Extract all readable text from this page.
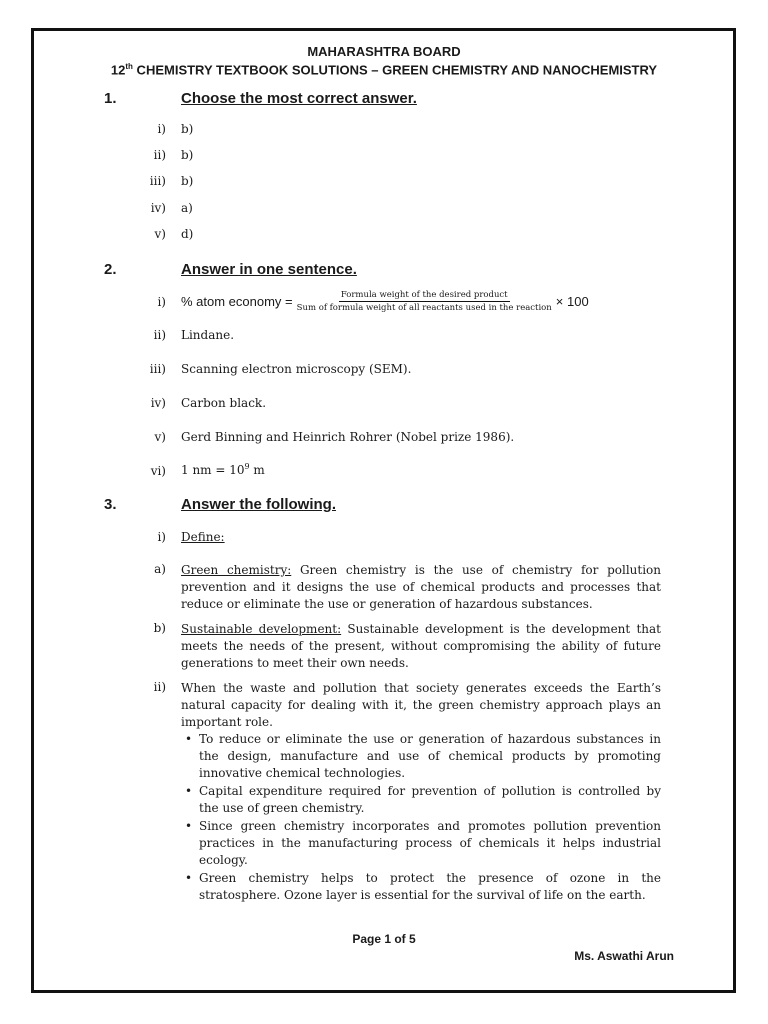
MAHARASHTRA BOARD
12th CHEMISTRY TEXTBOOK SOLUTIONS – GREEN CHEMISTRY AND NANOCHEMISTRY
1.	Choose the most correct answer.
i) b)
ii) b)
iii) b)
iv) a)
v) d)
2.	Answer in one sentence.
i) % atom economy = $\frac{\text{Formula weight of the desired product}}{\text{Sum of formula weight of all reactants used in the reaction}} \times 100$
ii) Lindane.
iii) Scanning electron microscopy (SEM).
iv) Carbon black.
v) Gerd Binning and Heinrich Rohrer (Nobel prize 1986).
vi) 1 nm = $10^9$ m
3.	Answer the following.
i) Define:
a) Green chemistry: Green chemistry is the use of chemistry for pollution prevention and it designs the use of chemical products and processes that reduce or eliminate the use or generation of hazardous substances.
b) Sustainable development: Sustainable development is the development that meets the needs of the present, without compromising the ability of future generations to meet their own needs.
ii) When the waste and pollution that society generates exceeds the Earth’s natural capacity for dealing with it, the green chemistry approach plays an important role.
• To reduce or eliminate the use or generation of hazardous substances in the design, manufacture and use of chemical products by promoting innovative chemical technologies.
• Capital expenditure required for prevention of pollution is controlled by the use of green chemistry.
• Since green chemistry incorporates and promotes pollution prevention practices in the manufacturing process of chemicals it helps industrial ecology.
• Green chemistry helps to protect the presence of ozone in the stratosphere. Ozone layer is essential for the survival of life on the earth.
Page 1 of 5
Ms. Aswathi Arun
